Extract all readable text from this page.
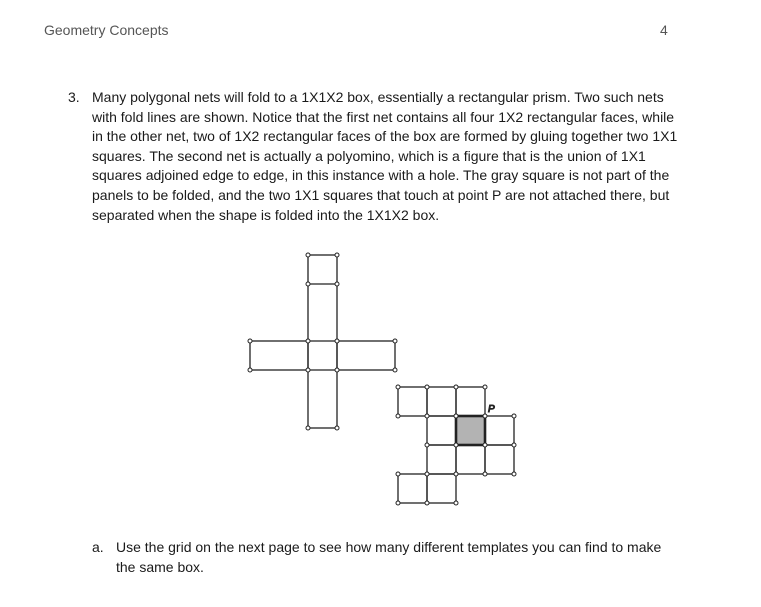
Geometry Concepts	4
3. Many polygonal nets will fold to a 1X1X2 box, essentially a rectangular prism. Two such nets with fold lines are shown. Notice that the first net contains all four 1X2 rectangular faces, while in the other net, two of 1X2 rectangular faces of the box are formed by gluing together two 1X1 squares. The second net is actually a polyomino, which is a figure that is the union of 1X1 squares adjoined edge to edge, in this instance with a hole. The gray square is not part of the panels to be folded, and the two 1X1 squares that touch at point P are not attached there, but separated when the shape is folded into the 1X1X2 box.
P
a. Use the grid on the next page to see how many different templates you can find to make the same box.
